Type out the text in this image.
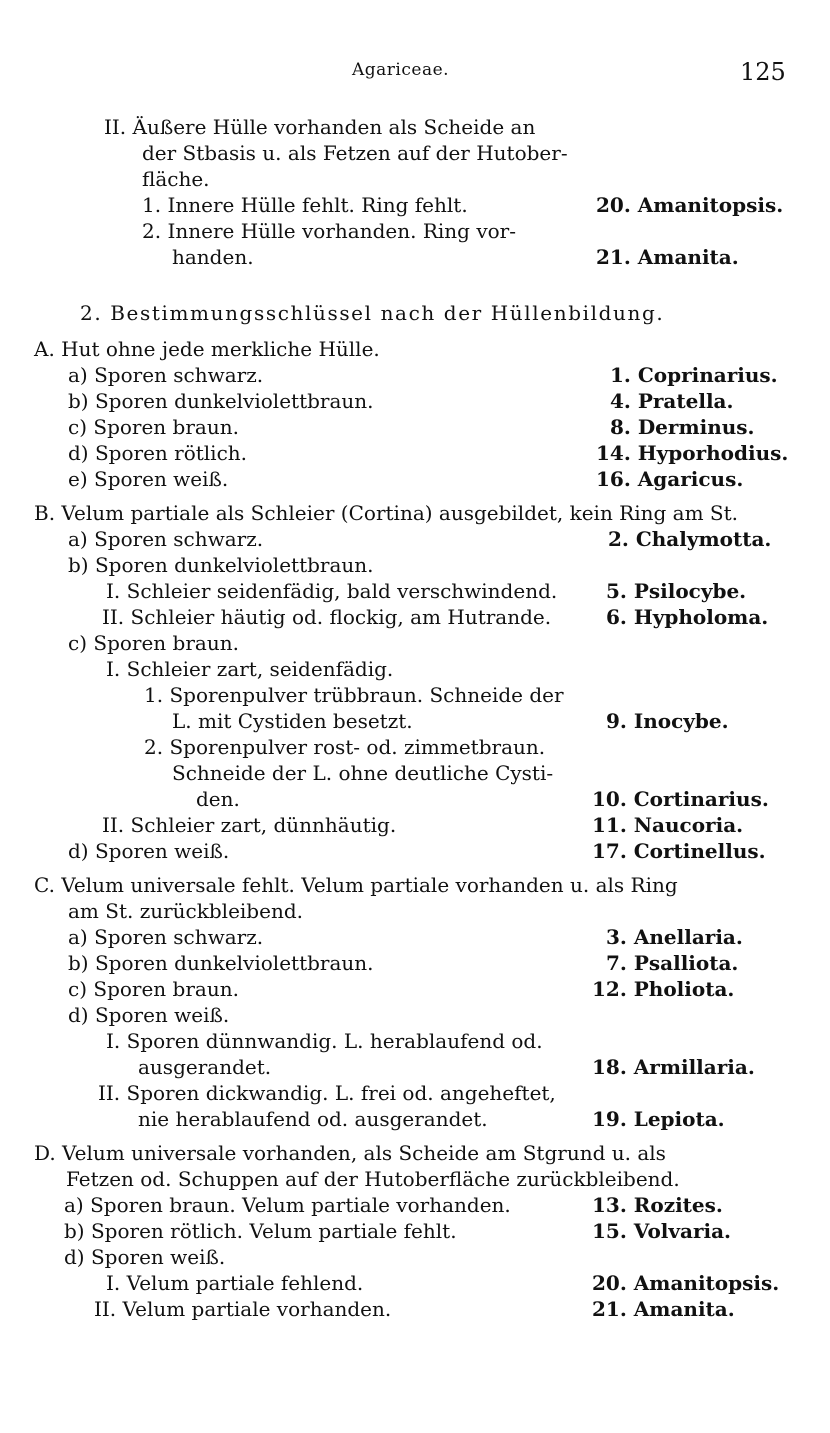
Agariceae.	125
II. Äußere Hülle vorhanden als Scheide an
der Stbasis u. als Fetzen auf der Hutober-
fläche.
1. Innere Hülle fehlt. Ring fehlt.	20. Amanitopsis.
2. Innere Hülle vorhanden. Ring vor-
handen.	21. Amanita.
2. Bestimmungsschlüssel nach der Hüllenbildung.
A. Hut ohne jede merkliche Hülle.
a) Sporen schwarz.	1. Coprinarius.
b) Sporen dunkelviolettbraun.	4. Pratella.
c) Sporen braun.	8. Derminus.
d) Sporen rötlich.	14. Hyporhodius.
e) Sporen weiß.	16. Agaricus.
B. Velum partiale als Schleier (Cortina) ausgebildet, kein Ring am St.
a) Sporen schwarz.	2. Chalymotta.
b) Sporen dunkelviolettbraun.
I. Schleier seidenfädig, bald verschwindend. 5. Psilocybe.
II. Schleier häutig od. flockig, am Hutrande.	6. Hypholoma.
c) Sporen braun.
I. Schleier zart, seidenfädig.
1. Sporenpulver trübbraun. Schneide der
L. mit Cystiden besetzt.	9. Inocybe.
2. Sporenpulver rost- od. zimmetbraun.
Schneide der L. ohne deutliche Cysti-
den.	10. Cortinarius.
II. Schleier zart, dünnhäutig.	11. Naucoria.
d) Sporen weiß.	17. Cortinellus.
C. Velum universale fehlt. Velum partiale vorhanden u. als Ring
am St. zurückbleibend.
a) Sporen schwarz.	3. Anellaria.
b) Sporen dunkelviolettbraun.	7. Psalliota.
c) Sporen braun.	12. Pholiota.
d) Sporen weiß.
I. Sporen dünnwandig. L. herablaufend od.
ausgerandet.	18. Armillaria.
II. Sporen dickwandig. L. frei od. angeheftet,
nie herablaufend od. ausgerandet.	19. Lepiota.
D. Velum universale vorhanden, als Scheide am Stgrund u. als
Fetzen od. Schuppen auf der Hutoberfläche zurückbleibend.
a) Sporen braun. Velum partiale vorhanden.	13. Rozites.
b) Sporen rötlich. Velum partiale fehlt.	15. Volvaria.
d) Sporen weiß.
I. Velum partiale fehlend.	20. Amanitopsis.
II. Velum partiale vorhanden.	21. Amanita.
